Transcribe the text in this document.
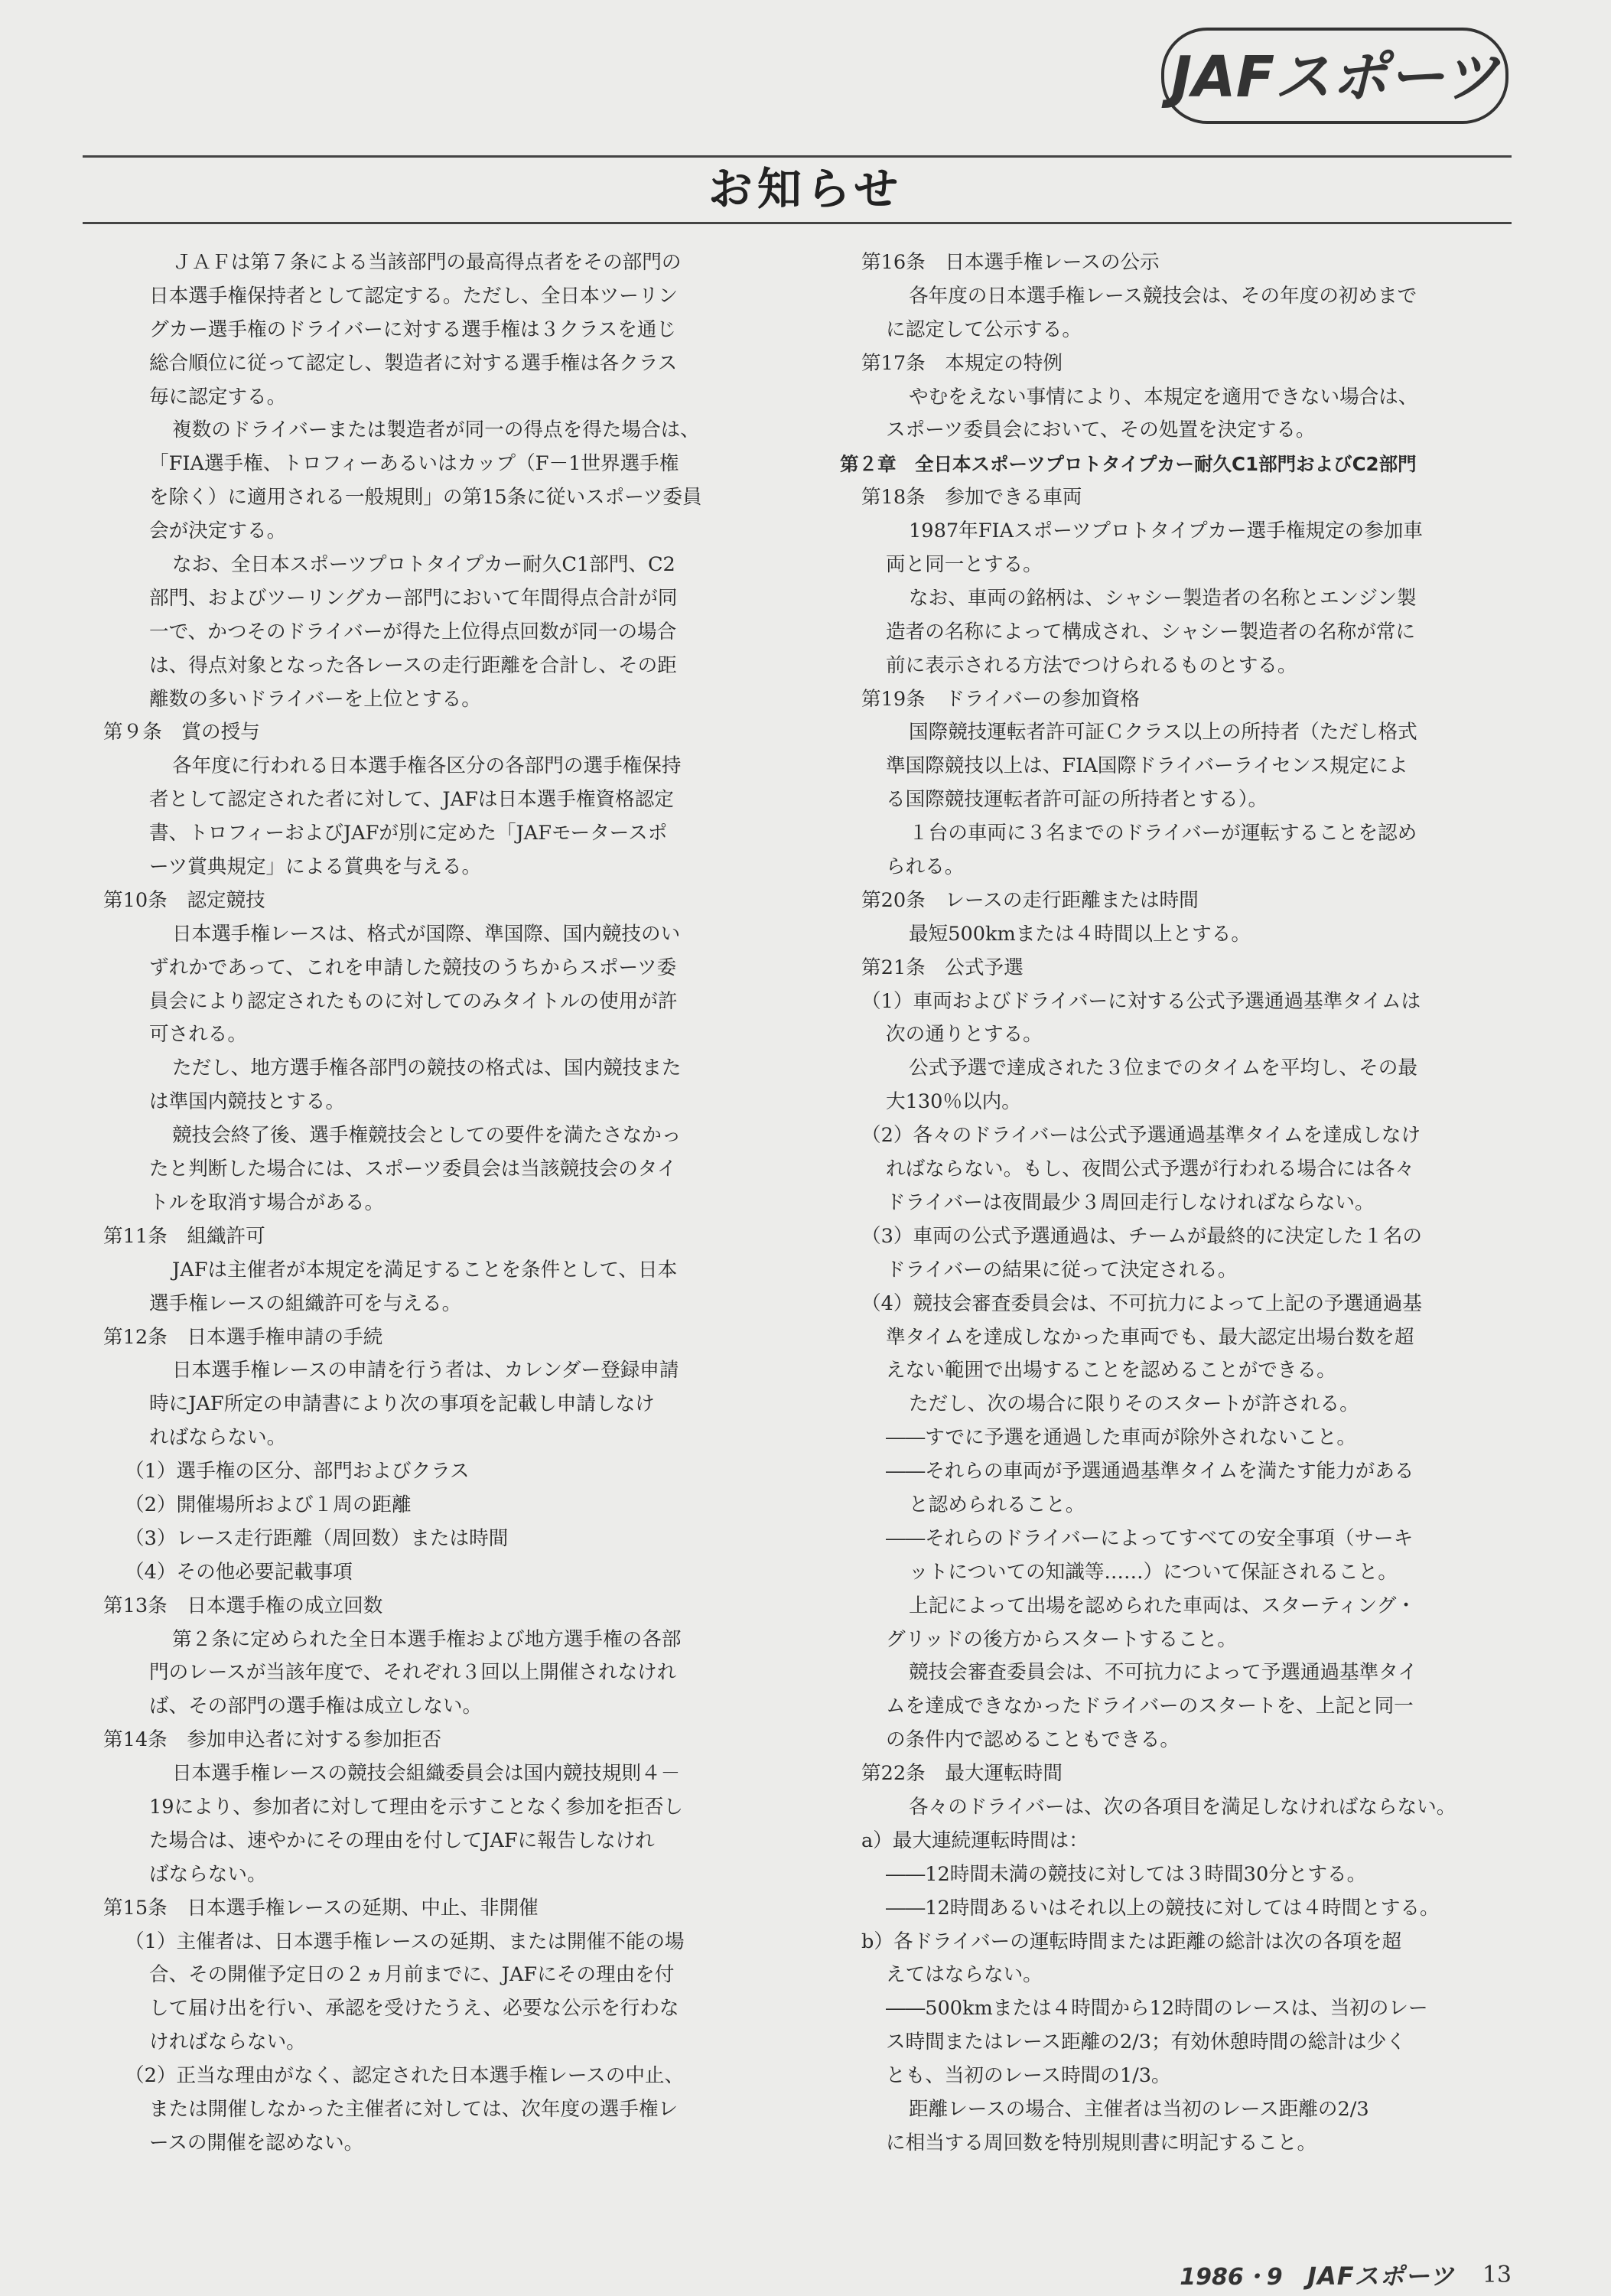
JAFスポーツ
お知らせ
ＪＡＦは第７条による当該部門の最高得点者をその部門の
日本選手権保持者として認定する。ただし、全日本ツーリン
グカー選手権のドライバーに対する選手権は３クラスを通じ
総合順位に従って認定し、製造者に対する選手権は各クラス
毎に認定する。
複数のドライバーまたは製造者が同一の得点を得た場合は、
「FIA選手権、トロフィーあるいはカップ（F－1世界選手権
を除く）に適用される一般規則」の第15条に従いスポーツ委員
会が決定する。
なお、全日本スポーツプロトタイプカー耐久C1部門、C2
部門、およびツーリングカー部門において年間得点合計が同
一で、かつそのドライバーが得た上位得点回数が同一の場合
は、得点対象となった各レースの走行距離を合計し、その距
離数の多いドライバーを上位とする。
第９条　賞の授与
各年度に行われる日本選手権各区分の各部門の選手権保持
者として認定された者に対して、JAFは日本選手権資格認定
書、トロフィーおよびJAFが別に定めた「JAFモータースポ
ーツ賞典規定」による賞典を与える。
第10条　認定競技
日本選手権レースは、格式が国際、準国際、国内競技のい
ずれかであって、これを申請した競技のうちからスポーツ委
員会により認定されたものに対してのみタイトルの使用が許
可される。
ただし、地方選手権各部門の競技の格式は、国内競技また
は準国内競技とする。
競技会終了後、選手権競技会としての要件を満たさなかっ
たと判断した場合には、スポーツ委員会は当該競技会のタイ
トルを取消す場合がある。
第11条　組織許可
JAFは主催者が本規定を満足することを条件として、日本
選手権レースの組織許可を与える。
第12条　日本選手権申請の手続
日本選手権レースの申請を行う者は、カレンダー登録申請
時にJAF所定の申請書により次の事項を記載し申請しなけ
ればならない。
（1）選手権の区分、部門およびクラス
（2）開催場所および１周の距離
（3）レース走行距離（周回数）または時間
（4）その他必要記載事項
第13条　日本選手権の成立回数
第２条に定められた全日本選手権および地方選手権の各部
門のレースが当該年度で、それぞれ３回以上開催されなけれ
ば、その部門の選手権は成立しない。
第14条　参加申込者に対する参加拒否
日本選手権レースの競技会組織委員会は国内競技規則４－
19により、参加者に対して理由を示すことなく参加を拒否し
た場合は、速やかにその理由を付してJAFに報告しなけれ
ばならない。
第15条　日本選手権レースの延期、中止、非開催
（1）主催者は、日本選手権レースの延期、または開催不能の場
合、その開催予定日の２ヵ月前までに、JAFにその理由を付
して届け出を行い、承認を受けたうえ、必要な公示を行わな
ければならない。
（2）正当な理由がなく、認定された日本選手権レースの中止、
または開催しなかった主催者に対しては、次年度の選手権レ
ースの開催を認めない。
第16条　日本選手権レースの公示
各年度の日本選手権レース競技会は、その年度の初めまで
に認定して公示する。
第17条　本規定の特例
やむをえない事情により、本規定を適用できない場合は、
スポーツ委員会において、その処置を決定する。
第２章　全日本スポーツプロトタイプカー耐久C1部門およびC2部門
第18条　参加できる車両
1987年FIAスポーツプロトタイプカー選手権規定の参加車
両と同一とする。
なお、車両の銘柄は、シャシー製造者の名称とエンジン製
造者の名称によって構成され、シャシー製造者の名称が常に
前に表示される方法でつけられるものとする。
第19条　ドライバーの参加資格
国際競技運転者許可証Ｃクラス以上の所持者（ただし格式
準国際競技以上は、FIA国際ドライバーライセンス規定によ
る国際競技運転者許可証の所持者とする）。
１台の車両に３名までのドライバーが運転することを認め
られる。
第20条　レースの走行距離または時間
最短500kmまたは４時間以上とする。
第21条　公式予選
（1）車両およびドライバーに対する公式予選通過基準タイムは
次の通りとする。
公式予選で達成された３位までのタイムを平均し、その最
大130％以内。
（2）各々のドライバーは公式予選通過基準タイムを達成しなけ
ればならない。もし、夜間公式予選が行われる場合には各々
ドライバーは夜間最少３周回走行しなければならない。
（3）車両の公式予選通過は、チームが最終的に決定した１名の
ドライバーの結果に従って決定される。
（4）競技会審査委員会は、不可抗力によって上記の予選通過基
準タイムを達成しなかった車両でも、最大認定出場台数を超
えない範囲で出場することを認めることができる。
ただし、次の場合に限りそのスタートが許される。
――すでに予選を通過した車両が除外されないこと。
――それらの車両が予選通過基準タイムを満たす能力がある
と認められること。
――それらのドライバーによってすべての安全事項（サーキ
ットについての知識等……）について保証されること。
上記によって出場を認められた車両は、スターティング・
グリッドの後方からスタートすること。
競技会審査委員会は、不可抗力によって予選通過基準タイ
ムを達成できなかったドライバーのスタートを、上記と同一
の条件内で認めることもできる。
第22条　最大運転時間
各々のドライバーは、次の各項目を満足しなければならない。
a）最大連続運転時間は：
――12時間未満の競技に対しては３時間30分とする。
――12時間あるいはそれ以上の競技に対しては４時間とする。
b）各ドライバーの運転時間または距離の総計は次の各項を超
えてはならない。
――500kmまたは４時間から12時間のレースは、当初のレー
ス時間またはレース距離の2/3；有効休憩時間の総計は少く
とも、当初のレース時間の1/3。
距離レースの場合、主催者は当初のレース距離の2/3
に相当する周回数を特別規則書に明記すること。
1986・9 JAFスポーツ 13
